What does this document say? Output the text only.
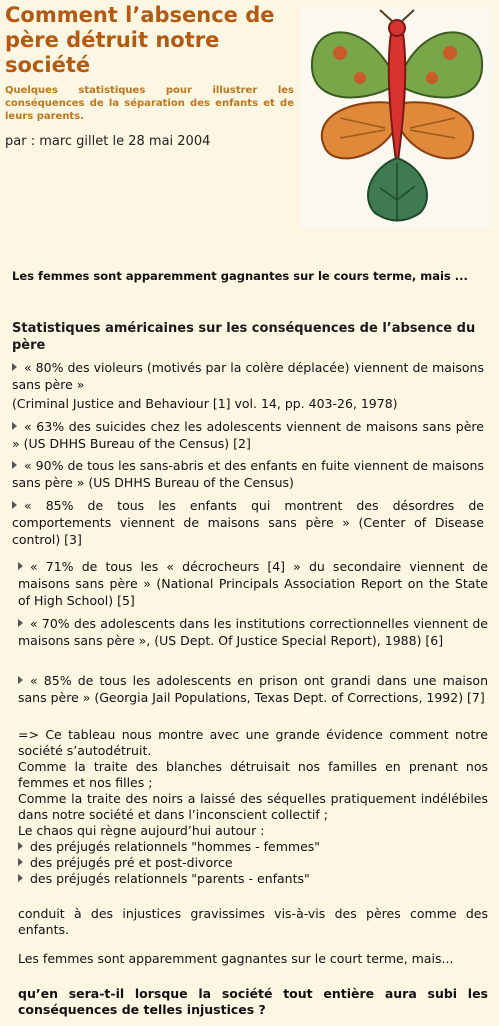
Comment l’absence de père détruit notre société
Quelques statistiques pour illustrer les conséquences de la séparation des enfants et de leurs parents.
par : marc gillet le 28 mai 2004
Les femmes sont apparemment gagnantes sur le cours terme, mais ...
Statistiques américaines sur les conséquences de l’absence du père
« 80% des violeurs (motivés par la colère déplacée) viennent de maisons sans père »
(Criminal Justice and Behaviour [1] vol. 14, pp. 403-26, 1978)
« 63% des suicides chez les adolescents viennent de maisons sans père » (US DHHS Bureau of the Census) [2]
« 90% de tous les sans-abris et des enfants en fuite viennent de maisons sans père » (US DHHS Bureau of the Census)
« 85% de tous les enfants qui montrent des désordres de comportements viennent de maisons sans père » (Center of Disease control) [3]
« 71% de tous les « décrocheurs [4] » du secondaire viennent de maisons sans père » (National Principals Association Report on the State of High School) [5]
« 70% des adolescents dans les institutions correctionnelles viennent de maisons sans père », (US Dept. Of Justice Special Report), 1988) [6]
« 85% de tous les adolescents en prison ont grandi dans une maison sans père » (Georgia Jail Populations, Texas Dept. of Corrections, 1992) [7]

=> Ce tableau nous montre avec une grande évidence comment notre société s’autodétruit.

Comme la traite des blanches détruisait nos familles en prenant nos femmes et nos filles ;

Comme la traite des noirs a laissé des séquelles pratiquement indélébiles dans notre société et dans l’inconscient collectif ;

Le chaos qui règne aujourd’hui autour :

des préjugés relationnels "hommes - femmes"
des préjugés pré et post-divorce
des préjugés relationnels "parents - enfants"

conduit à des injustices gravissimes vis-à-vis des pères comme des enfants.

Les femmes sont apparemment gagnantes sur le court terme, mais...

qu’en sera-t-il lorsque la société tout entière aura subi les conséquences de telles injustices ?
